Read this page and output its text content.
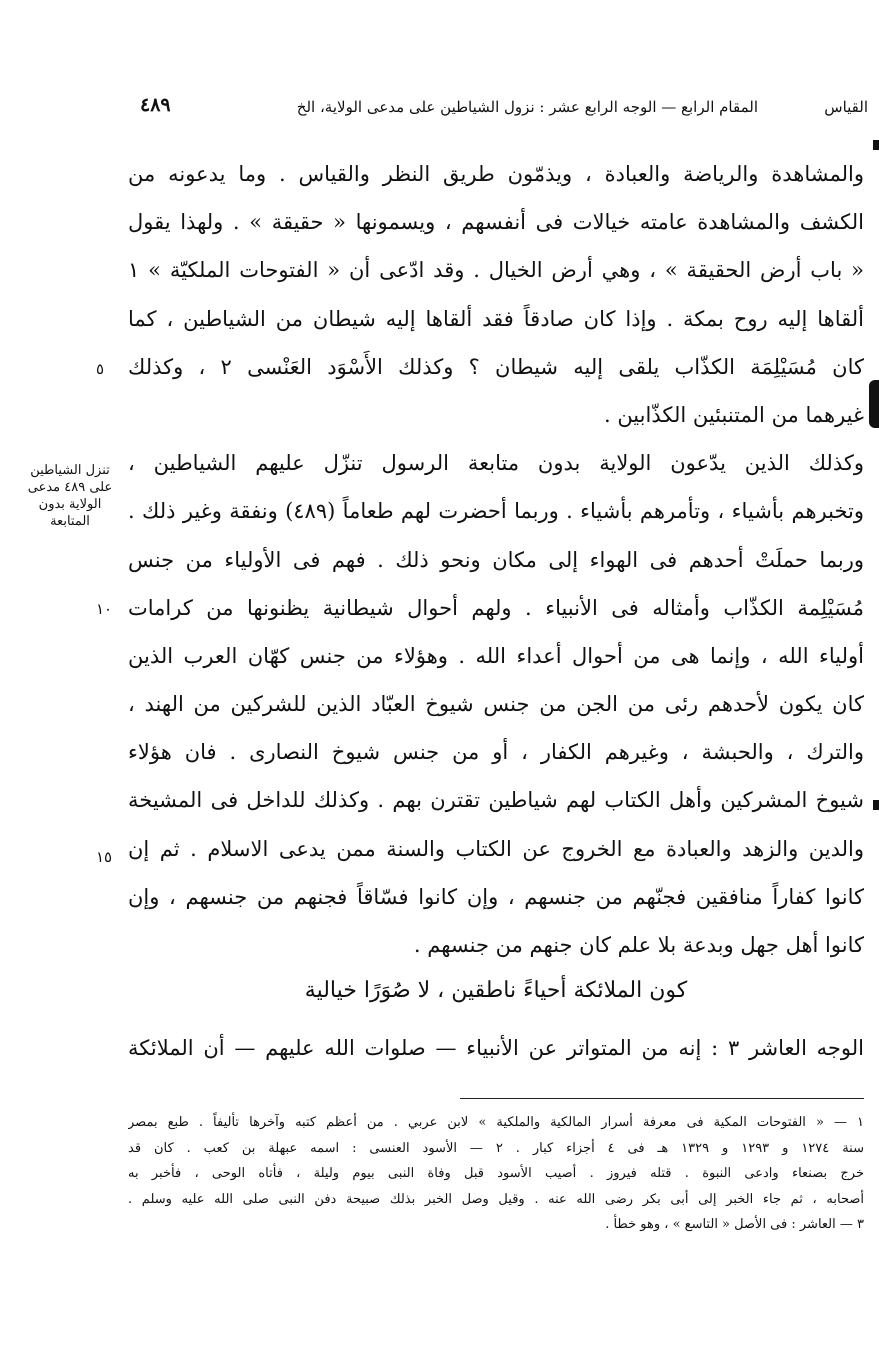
القياس
المقام الرابع — الوجه الرابع عشر : نزول الشياطين على مدعى الولاية، الخ
٤٨٩
والمشاهدة والرياضة والعبادة ، ويذمّون طريق النظر والقياس . وما يدعونه من
الكشف والمشاهدة عامته خيالات فى أنفسهم ، ويسمونها « حقيقة » . ولهذا يقول
« باب أرض الحقيقة » ، وهي أرض الخيال . وقد ادّعى أن « الفتوحات الملكيّة » ١
ألقاها إليه روح بمكة . وإذا كان صادقاً فقد ألقاها إليه شيطان من الشياطين ، كما
كان مُسَيْلِمَة الكذّاب يلقى إليه شيطان ؟ وكذلك الأَسْوَد العَنْسى ٢ ، وكذلك
غيرهما من المتنبئين الكذّابين .
وكذلك الذين يدّعون الولاية بدون متابعة الرسول تنزّل عليهم الشياطين ،
وتخبرهم بأشياء ، وتأمرهم بأشياء . وربما أحضرت لهم طعاماً (٤٨٩) ونفقة وغير ذلك .
وربما حملَتْ أحدهم فى الهواء إلى مكان ونحو ذلك . فهم فى الأولياء من جنس
مُسَيْلِمة الكذّاب وأمثاله فى الأنبياء . ولهم أحوال شيطانية يظنونها من كرامات
أولياء الله ، وإنما هى من أحوال أعداء الله . وهؤلاء من جنس كهّان العرب الذين
كان يكون لأحدهم رئى من الجن من جنس شيوخ العبّاد الذين للشركين من الهند ،
والترك ، والحبشة ، وغيرهم الكفار ، أو من جنس شيوخ النصارى . فان هؤلاء
شيوخ المشركين وأهل الكتاب لهم شياطين تقترن بهم . وكذلك للداخل فى المشيخة
والدين والزهد والعبادة مع الخروج عن الكتاب والسنة ممن يدعى الاسلام . ثم إن
كانوا كفاراً منافقين فجنّهم من جنسهم ، وإن كانوا فسّاقاً فجنهم من جنسهم ، وإن
كانوا أهل جهل وبدعة بلا علم كان جنهم من جنسهم .
كون الملائكة أحياءً ناطقين ، لا صُوَرًا خيالية
الوجه العاشر ٣ : إنه من المتواتر عن الأنبياء — صلوات الله عليهم — أن الملائكة
تنزل الشياطين على ٤٨٩ مدعى الولاية بدون المتابعة
٥
١٠
١٥
١ — « الفتوحات المكية فى معرفة أسرار المالكية والملكية » لابن عربي . من أعظم كتبه وآخرها تأليفاً . طبع بمصر
سنة ١٢٧٤ و ١٢٩٣ و ١٣٢٩ هـ فى ٤ أجزاء كبار . ٢ — الأسود العنسى : اسمه عبهلة بن كعب . كان قد
خرج بصنعاء وادعى النبوة . قتله فيروز . أصيب الأسود قبل وفاة النبى بيوم وليلة ، فأتاه الوحى ، فأخبر به
أصحابه ، ثم جاء الخبر إلى أبى بكر رضى الله عنه . وقيل وصل الخبر بذلك صبيحة دفن النبى صلى الله عليه وسلم .
٣ — العاشر : فى الأصل « التاسع » ، وهو خطأ .
